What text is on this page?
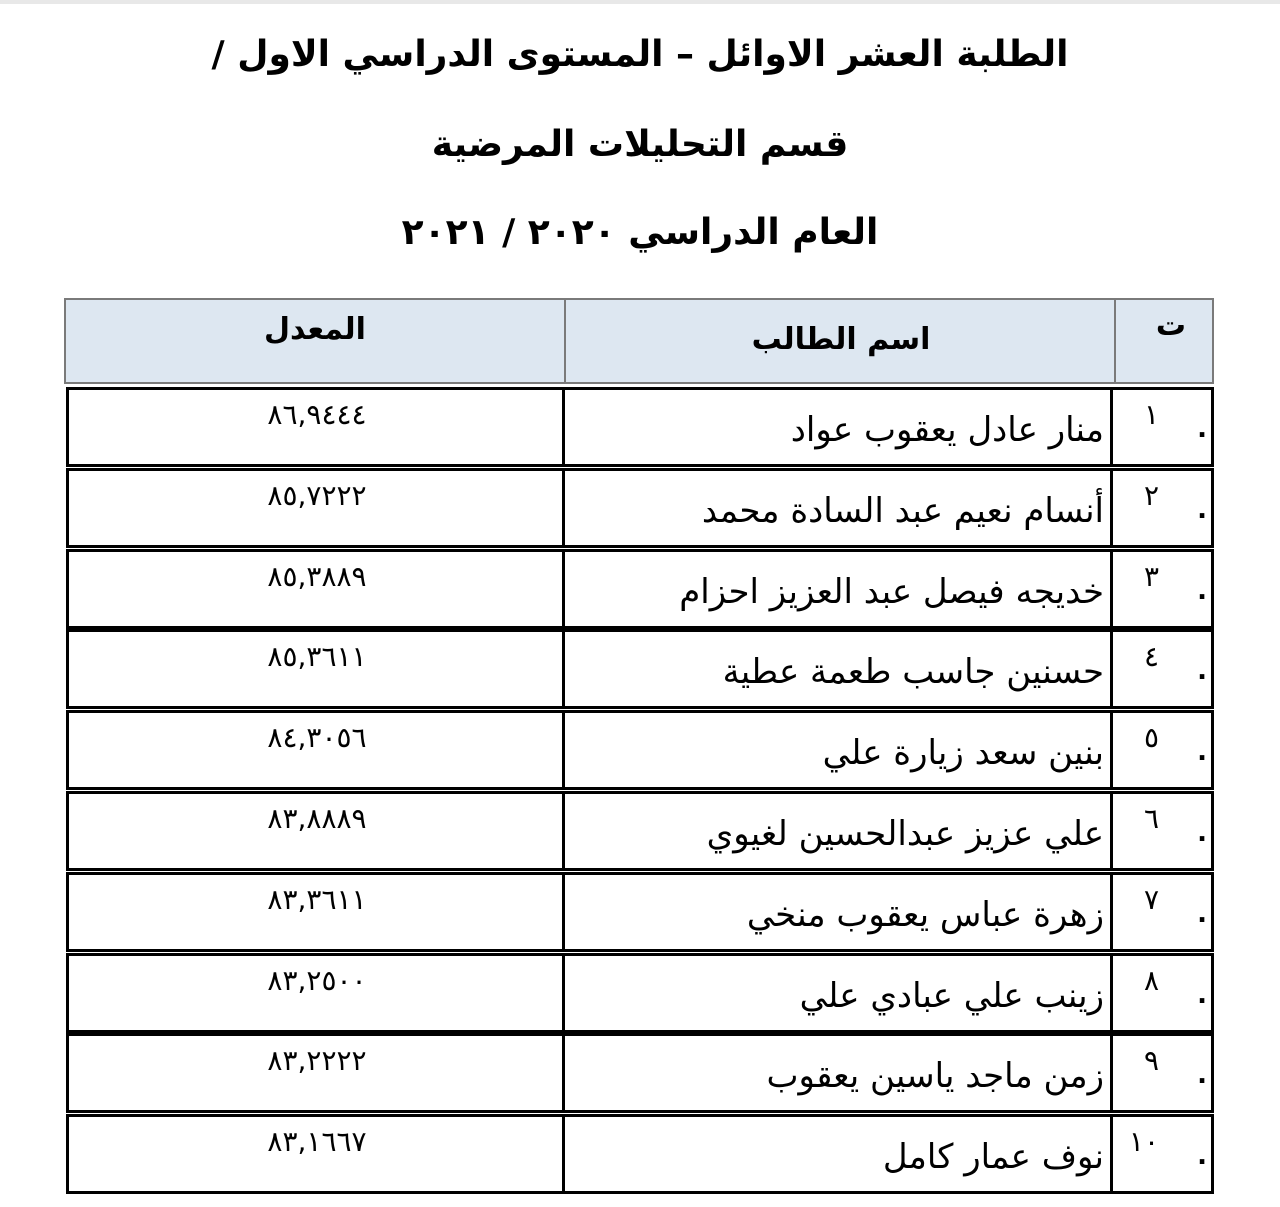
الطلبة العشر الاوائل – المستوى الدراسي الاول /
قسم التحليلات المرضية
العام الدراسي ٢٠٢٠ / ٢٠٢١
المعدل	اسم الطالب	ت
٨٦,٩٤٤٤	منار عادل يعقوب عواد ١ .
٨٥,٧٢٢٢	أنسام نعيم عبد السادة محمد ٢ .
٨٥,٣٨٨٩	خديجه فيصل عبد العزيز احزام ٣ .
٨٥,٣٦١١	حسنين جاسب طعمة عطية ٤ .
٨٤,٣٠٥٦	بنين سعد زيارة علي ٥ .
٨٣,٨٨٨٩	علي عزيز عبدالحسين لغيوي ٦ .
٨٣,٣٦١١	زهرة عباس يعقوب منخي ٧ .
٨٣,٢٥٠٠	زينب علي عبادي علي ٨ .
٨٣,٢٢٢٢	زمن ماجد ياسين يعقوب ٩ .
٨٣,١٦٦٧	نوف عمار كامل ١٠ .
